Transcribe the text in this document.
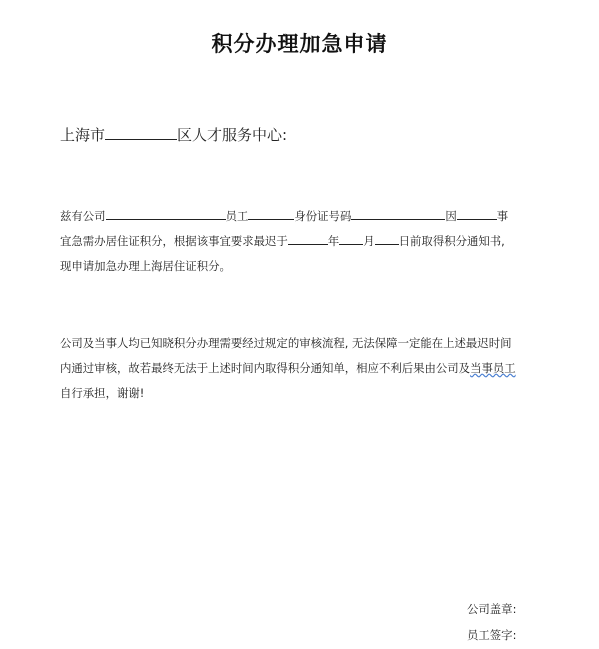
积分办理加急申请
上海市	区人才服务中心:
兹有公司	员工	身份证号码	因	事
宜急需办居住证积分，根据该事宜要求最迟于	年 月 日前取得积分通知书,
现申请加急办理上海居住证积分。
公司及当事人均已知晓积分办理需要经过规定的审核流程, 无法保障一定能在上述最迟时间
内通过审核，故若最终无法于上述时间内取得积分通知单，相应不利后果由公司及当事员工
自行承担，谢谢!
公司盖章:
员工签字:
